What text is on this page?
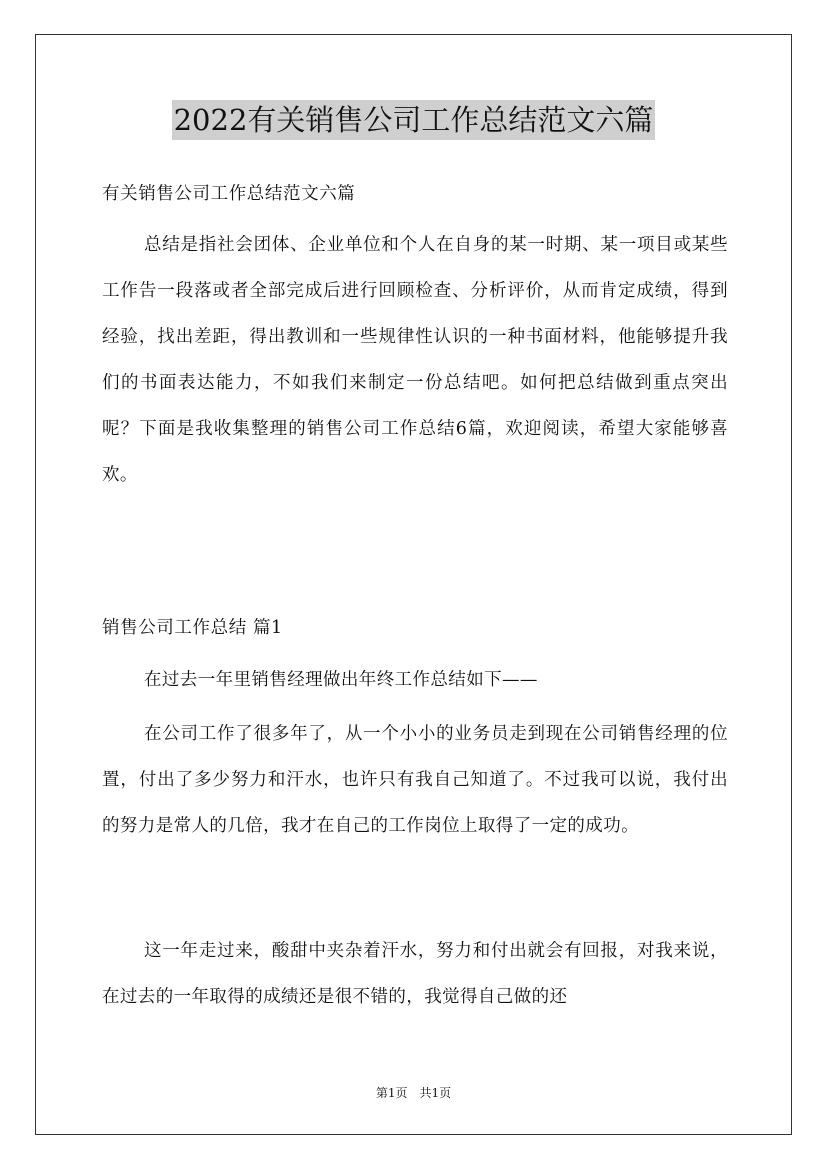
2022有关销售公司工作总结范文六篇
有关销售公司工作总结范文六篇
总结是指社会团体、企业单位和个人在自身的某一时期、某一项目或某些工作告一段落或者全部完成后进行回顾检查、分析评价，从而肯定成绩，得到经验，找出差距，得出教训和一些规律性认识的一种书面材料，他能够提升我们的书面表达能力，不如我们来制定一份总结吧。如何把总结做到重点突出呢？下面是我收集整理的销售公司工作总结6篇，欢迎阅读，希望大家能够喜欢。
销售公司工作总结 篇1
在过去一年里销售经理做出年终工作总结如下——
在公司工作了很多年了，从一个小小的业务员走到现在公司销售经理的位置，付出了多少努力和汗水，也许只有我自己知道了。不过我可以说，我付出的努力是常人的几倍，我才在自己的工作岗位上取得了一定的成功。
这一年走过来，酸甜中夹杂着汗水，努力和付出就会有回报，对我来说，在过去的一年取得的成绩还是很不错的，我觉得自己做的还
第1页　共1页
